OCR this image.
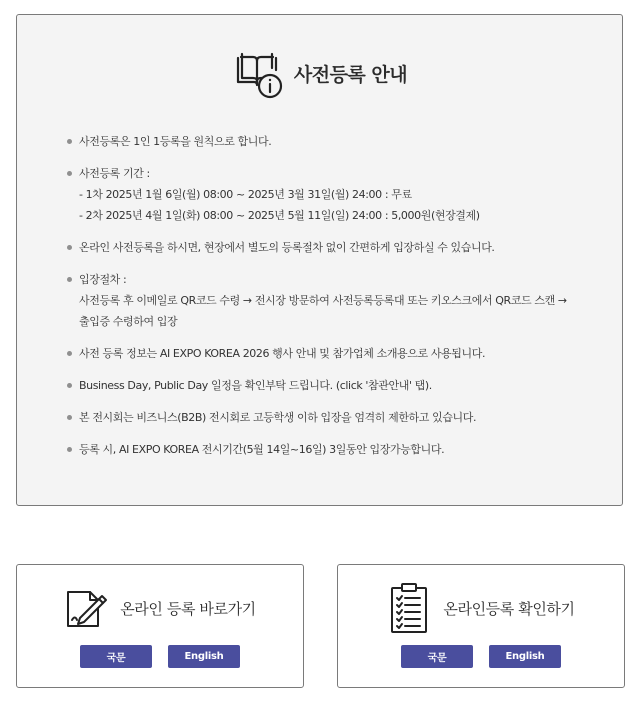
사전등록 안내
사전등록은 1인 1등록을 원칙으로 합니다.
사전등록 기간 :
- 1차 2025년 1월 6일(월) 08:00 ~ 2025년 3월 31일(월) 24:00 : 무료
- 2차 2025년 4월 1일(화) 08:00 ~ 2025년 5월 11일(일) 24:00 : 5,000원(현장결제)
온라인 사전등록을 하시면, 현장에서 별도의 등록절차 없이 간편하게 입장하실 수 있습니다.
입장절차 :
사전등록 후 이메일로 QR코드 수령 → 전시장 방문하여 사전등록등록대 또는 키오스크에서 QR코드 스캔 →
출입증 수령하여 입장
사전 등록 정보는 AI EXPO KOREA 2026 행사 안내 및 참가업체 소개용으로 사용됩니다.
Business Day, Public Day 일정을 확인부탁 드립니다. (click '참관안내' 탭).
본 전시회는 비즈니스(B2B) 전시회로 고등학생 이하 입장을 엄격히 제한하고 있습니다.
등록 시, AI EXPO KOREA 전시기간(5월 14일~16일) 3일동안 입장가능합니다.
온라인 등록 바로가기
국문	English
온라인등록 확인하기
국문	English
